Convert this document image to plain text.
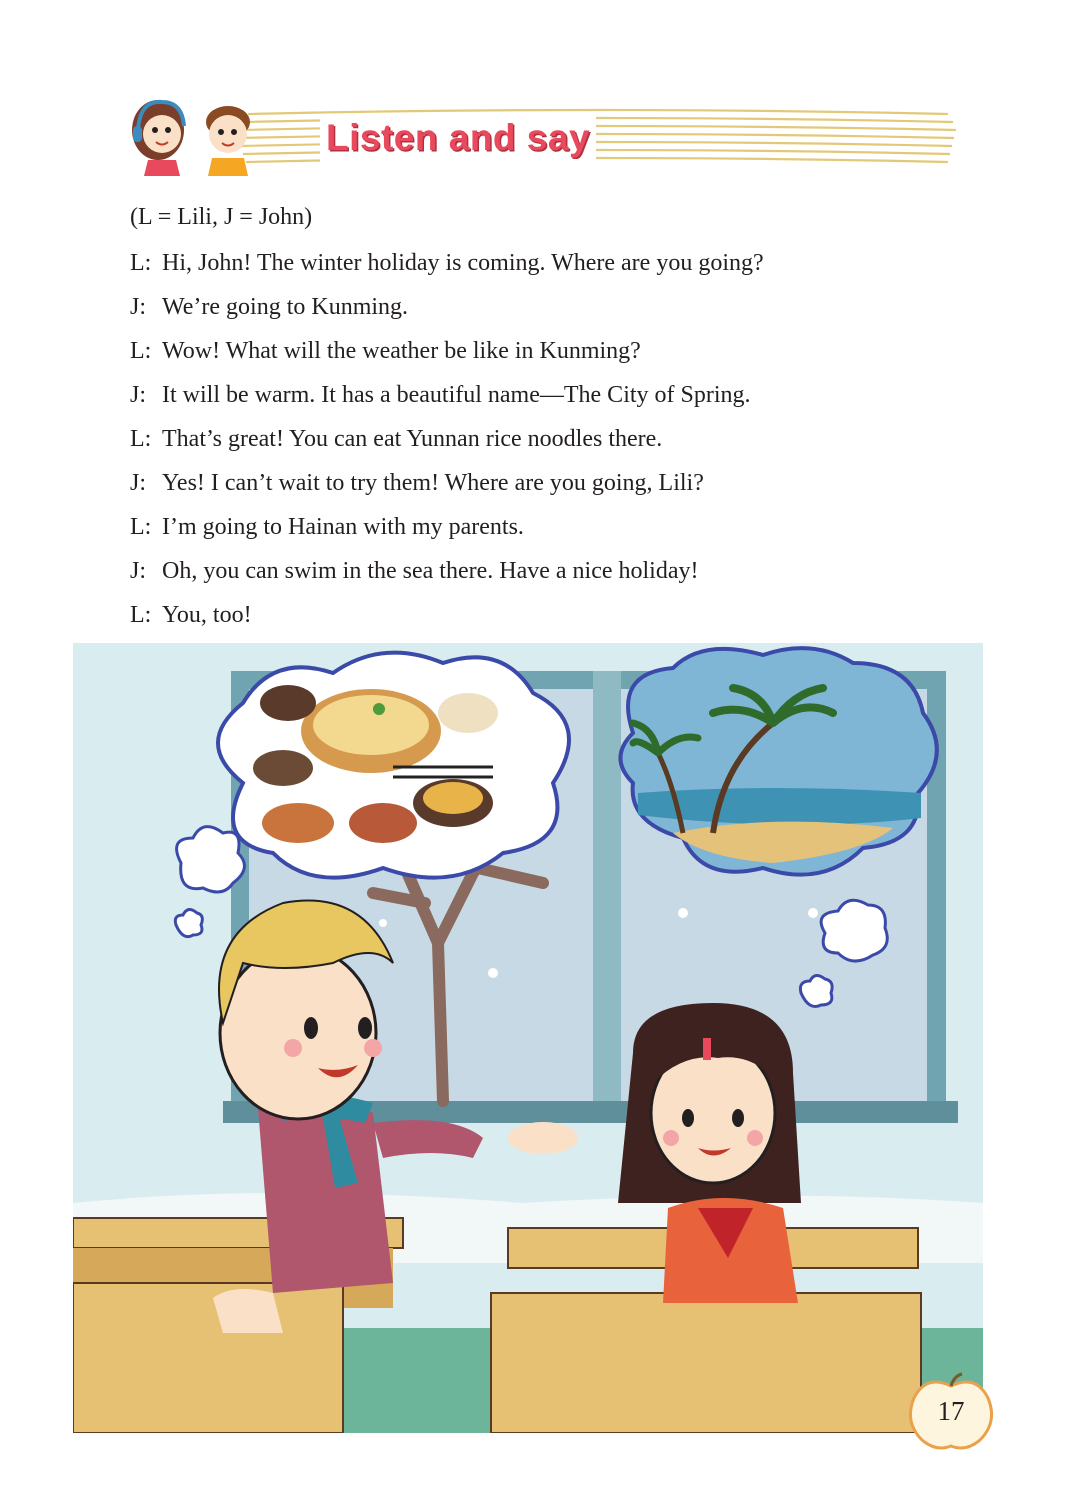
Listen and say
(L = Lili, J = John)
L: Hi, John! The winter holiday is coming. Where are you going?
J: We’re going to Kunming.
L: Wow! What will the weather be like in Kunming?
J: It will be warm. It has a beautiful name—The City of Spring.
L: That’s great! You can eat Yunnan rice noodles there.
J: Yes! I can’t wait to try them! Where are you going, Lili?
L: I’m going to Hainan with my parents.
J: Oh, you can swim in the sea there. Have a nice holiday!
L: You, too!
17
